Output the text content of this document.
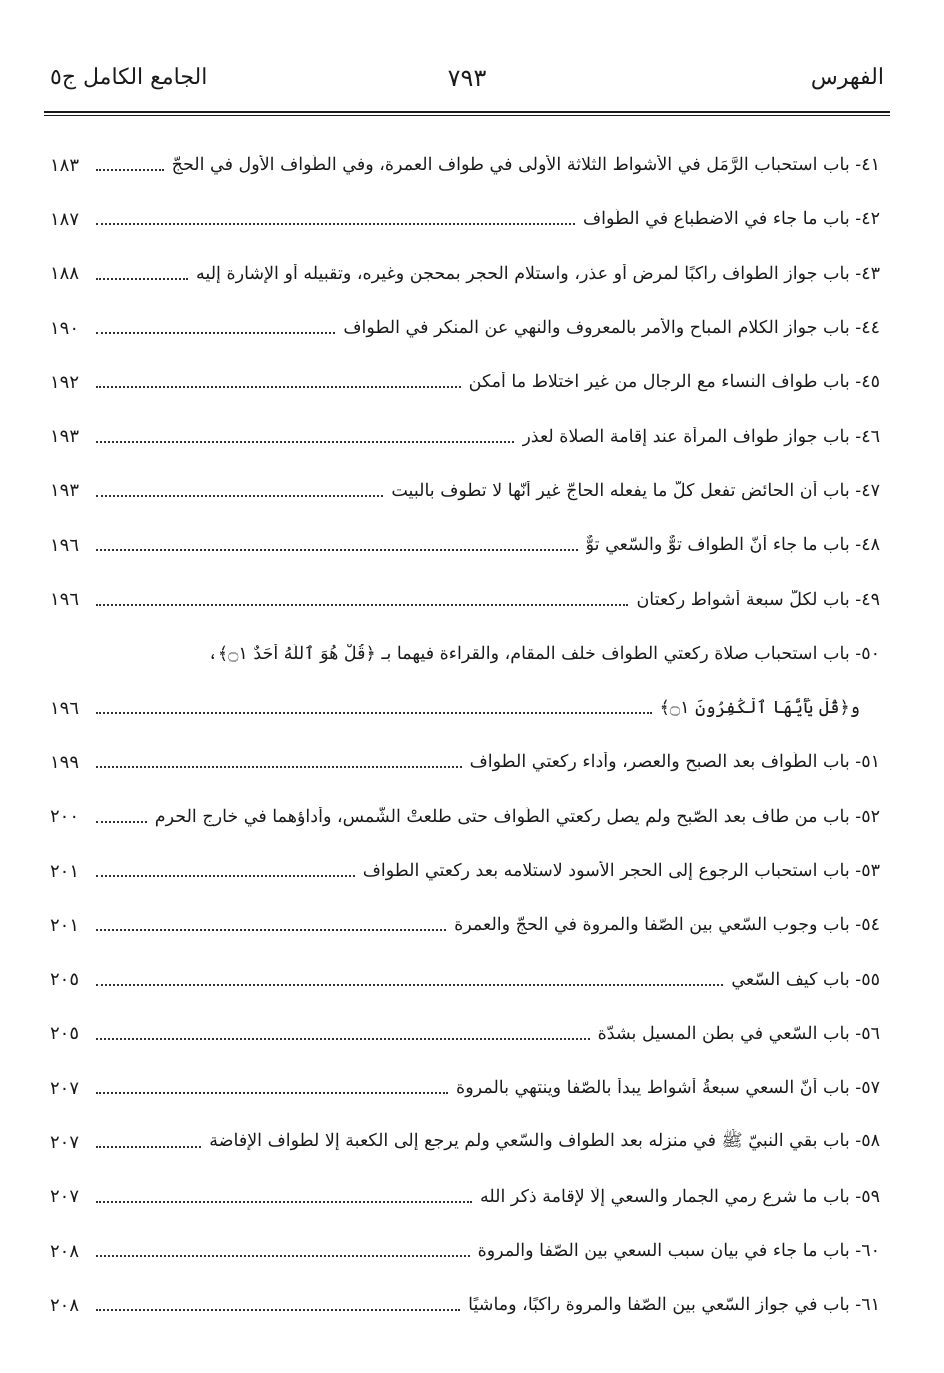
الفهرس
٧٩٣
الجامع الكامل ج٥
٤١- باب استحباب الرَّمَل في الأشواط الثلاثة الأولى في طواف العمرة، وفي الطّواف الأول في الحجّ
١٨٣
٤٢- باب ما جاء في الاضطباع في الطّواف
١٨٧
٤٣- باب جواز الطواف راكبًا لمرض أو عذر، واستلام الحجر بمحجن وغيره، وتقبيله أو الإشارة إليه
١٨٨
٤٤- باب جواز الكلام المباح والأمر بالمعروف والنهي عن المنكر في الطواف
١٩٠
٤٥- باب طواف النساء مع الرجال من غير اختلاط ما أمكن
١٩٢
٤٦- باب جواز طواف المرأة عند إقامة الصلاة لعذر
١٩٣
٤٧- باب أن الحائض تفعل كلّ ما يفعله الحاجّ غير أنّها لا تطوف بالبيت
١٩٣
٤٨- باب ما جاء أنّ الطواف توٌّ والسّعي توٌّ
١٩٦
٤٩- باب لكلّ سبعة أشواط ركعتان
١٩٦
٥٠- باب استحباب صلاة ركعتي الطواف خلف المقام، والقراءة فيهما بـ ﴿قُلْ هُوَ ٱللَّهُ أَحَدٌ ۝١﴾،
و﴿قُلْ يَٰٓأَيُّهَا ٱلْكَٰفِرُونَ ۝١﴾
١٩٦
٥١- باب الطّواف بعد الصبح والعصر، وأداء ركعتي الطواف
١٩٩
٥٢- باب من طاف بعد الصّبح ولم يصل ركعتي الطّواف حتى طلعتْ الشّمس، وأداؤهما في خارج الحرم
٢٠٠
٥٣- باب استحباب الرجوع إلى الحجر الأسود لاستلامه بعد ركعتي الطواف
٢٠١
٥٤- باب وجوب السّعي بين الصّفا والمروة في الحجّ والعمرة
٢٠١
٥٥- باب كيف السّعي
٢٠٥
٥٦- باب السّعي في بطن المسيل بشدّة
٢٠٥
٥٧- باب أنّ السعي سبعةُ أشواط يبدأ بالصّفا وينتهي بالمروة
٢٠٧
٥٨- باب بقي النبيّ ﷺ في منزله بعد الطواف والسّعي ولم يرجع إلى الكعبة إلا لطواف الإفاضة
٢٠٧
٥٩- باب ما شرع رمي الجمار والسعي إلّا لإقامة ذكر الله
٢٠٧
٦٠- باب ما جاء في بيان سبب السعي بين الصّفا والمروة
٢٠٨
٦١- باب في جواز السّعي بين الصّفا والمروة راكبًا، وماشيًا
٢٠٨
